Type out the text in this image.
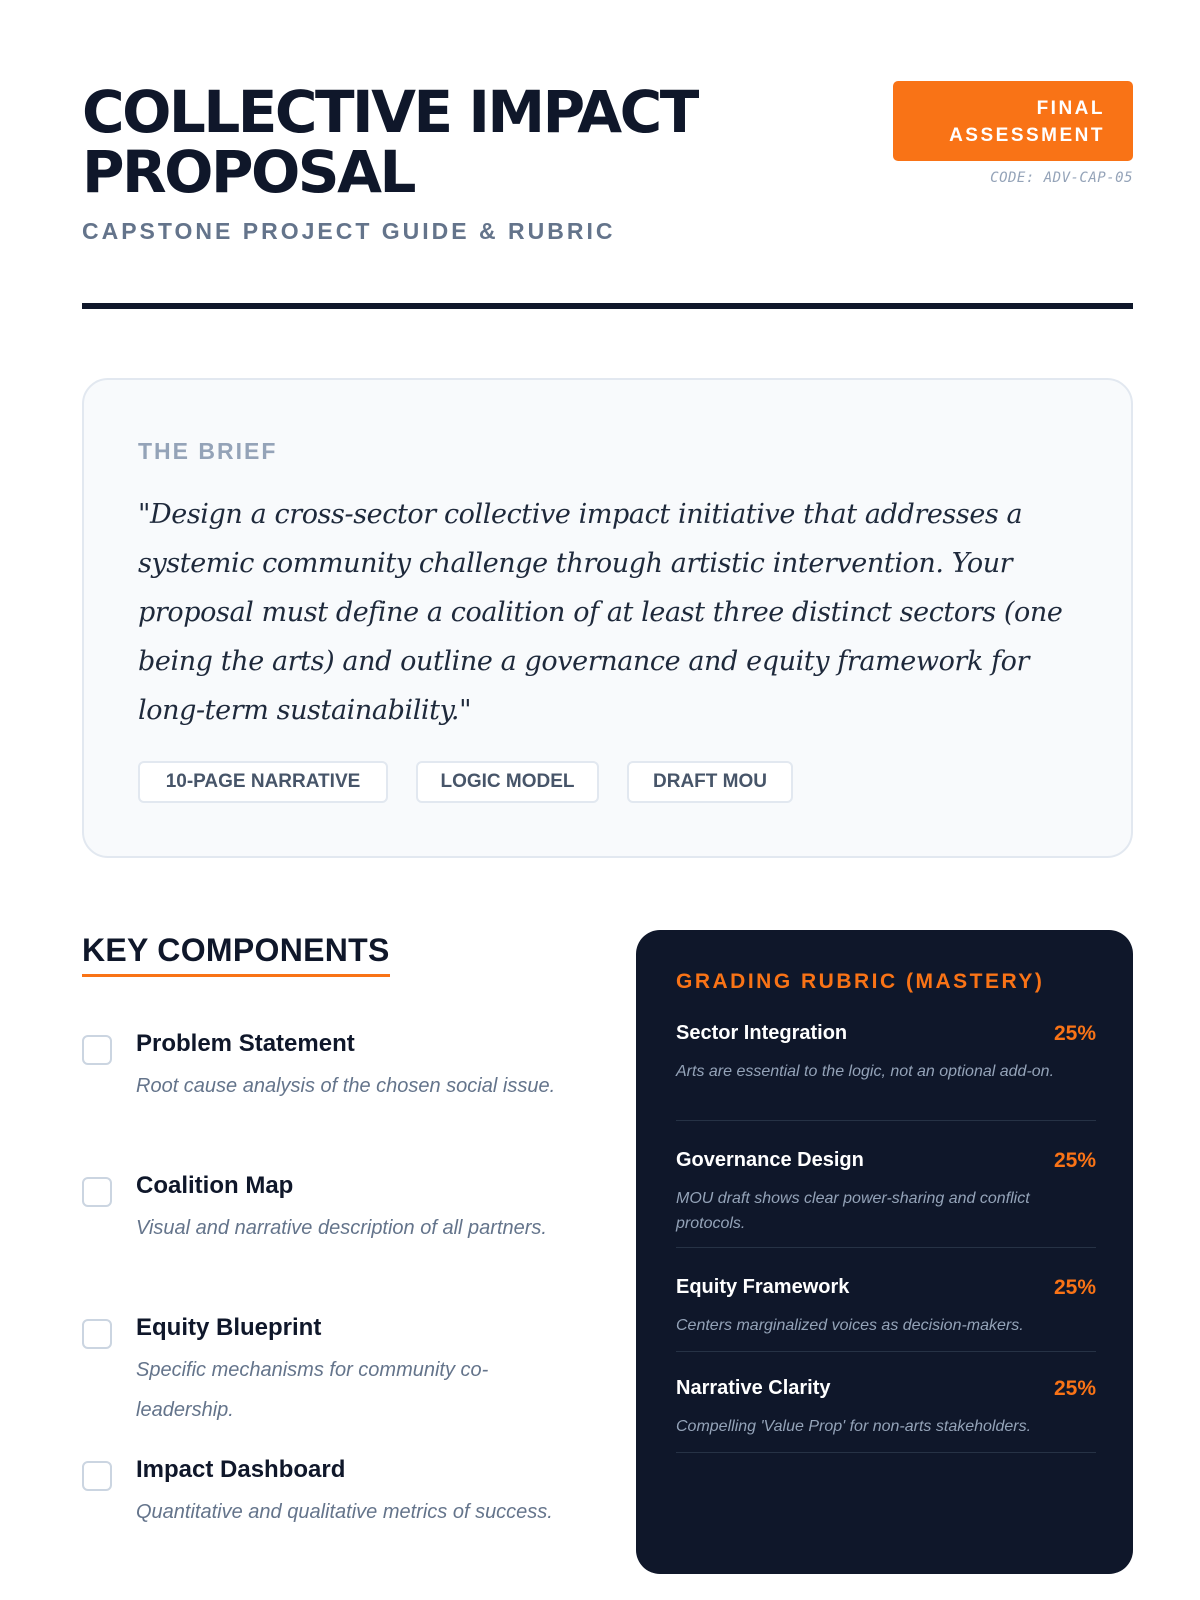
COLLECTIVE IMPACT
PROPOSAL
CAPSTONE PROJECT GUIDE & RUBRIC
FINAL
ASSESSMENT
CODE: ADV-CAP-05
THE BRIEF
"Design a cross-sector collective impact initiative that addresses a systemic community challenge through artistic intervention. Your proposal must define a coalition of at least three distinct sectors (one being the arts) and outline a governance and equity framework for long-term sustainability."
10-PAGE NARRATIVE	LOGIC MODEL	DRAFT MOU
KEY COMPONENTS
Problem Statement
Root cause analysis of the chosen social issue.
Coalition Map
Visual and narrative description of all partners.
Equity Blueprint
Specific mechanisms for community co-leadership.
Impact Dashboard
Quantitative and qualitative metrics of success.
GRADING RUBRIC (MASTERY)
Sector Integration	25%
Arts are essential to the logic, not an optional add-on.
Governance Design	25%
MOU draft shows clear power-sharing and conflict protocols.
Equity Framework	25%
Centers marginalized voices as decision-makers.
Narrative Clarity	25%
Compelling 'Value Prop' for non-arts stakeholders.
